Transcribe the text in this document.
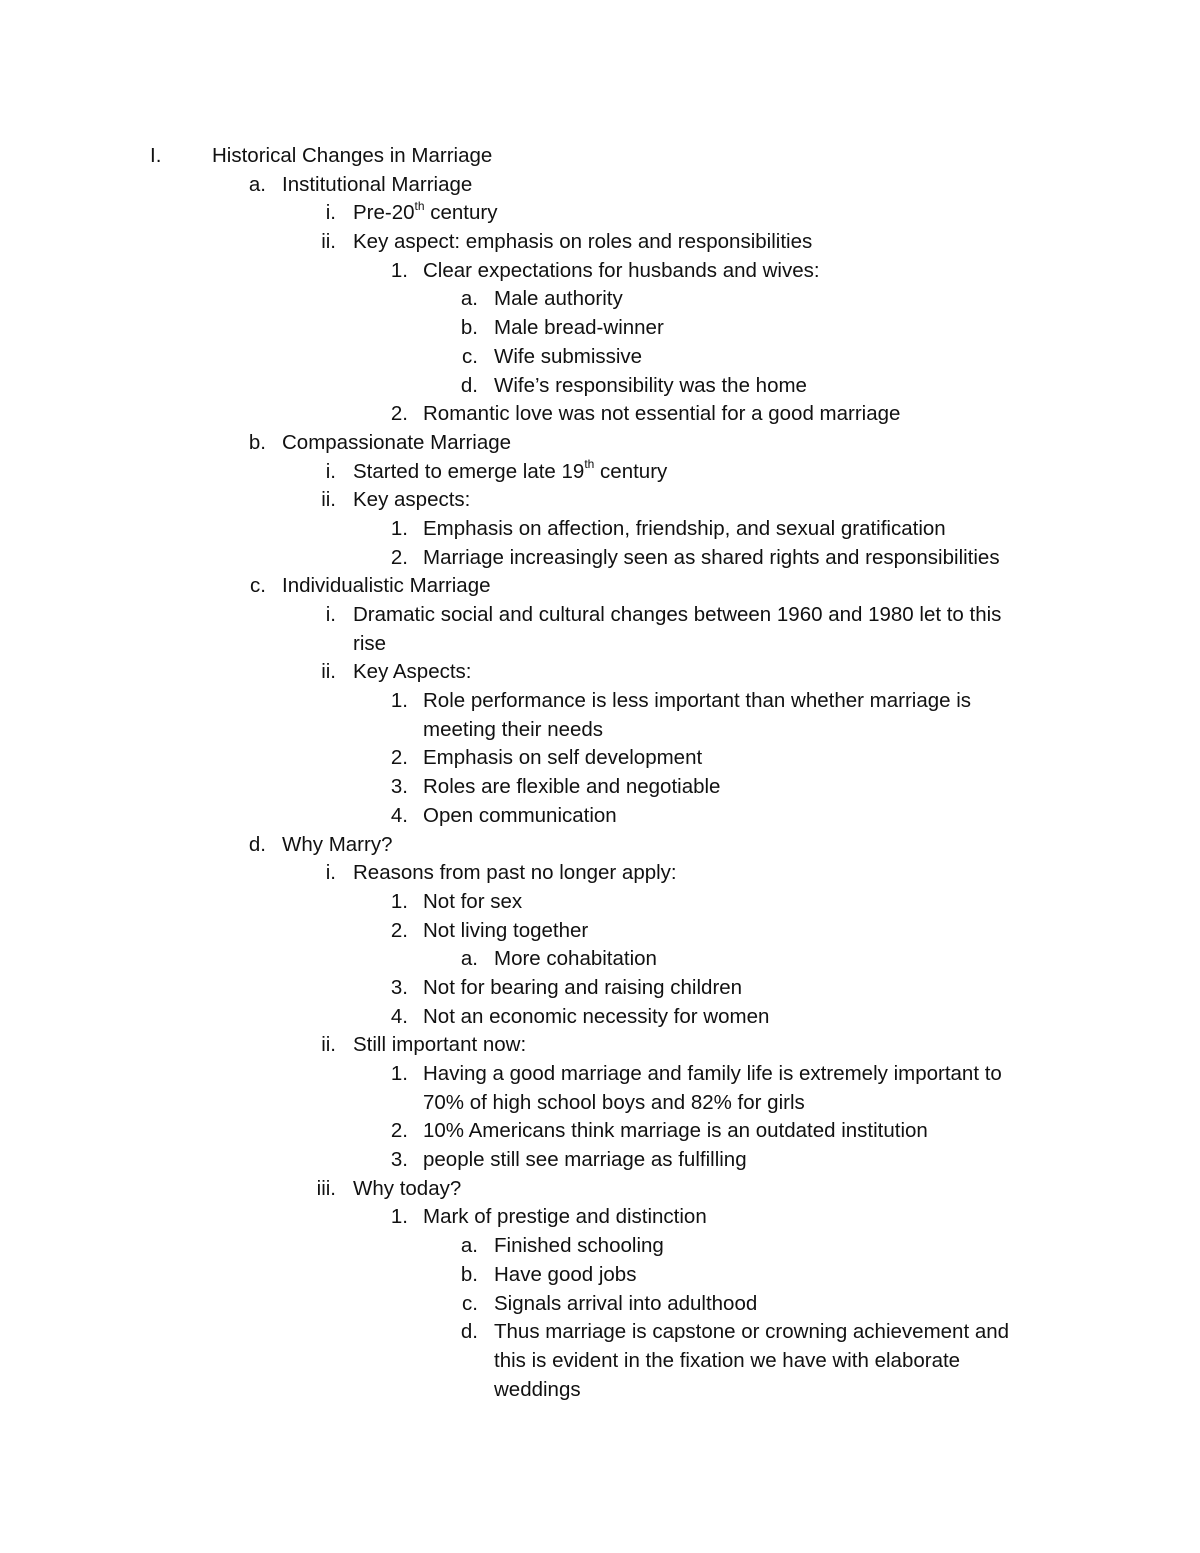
I.	Historical Changes in Marriage
a. Institutional Marriage
i. Pre-20th century
ii. Key aspect: emphasis on roles and responsibilities
1. Clear expectations for husbands and wives:
a. Male authority
b. Male bread-winner
c. Wife submissive
d. Wife’s responsibility was the home
2. Romantic love was not essential for a good marriage
b. Compassionate Marriage
i. Started to emerge late 19th century
ii. Key aspects:
1. Emphasis on affection, friendship, and sexual gratification
2. Marriage increasingly seen as shared rights and responsibilities
c. Individualistic Marriage
i. Dramatic social and cultural changes between 1960 and 1980 let to this
rise
ii. Key Aspects:
1. Role performance is less important than whether marriage is
meeting their needs
2. Emphasis on self development
3. Roles are flexible and negotiable
4. Open communication
d. Why Marry?
i. Reasons from past no longer apply:
1. Not for sex
2. Not living together
a. More cohabitation
3. Not for bearing and raising children
4. Not an economic necessity for women
ii. Still important now:
1. Having a good marriage and family life is extremely important to
70% of high school boys and 82% for girls
2. 10% Americans think marriage is an outdated institution
3. people still see marriage as fulfilling
iii. Why today?
1. Mark of prestige and distinction
a. Finished schooling
b. Have good jobs
c. Signals arrival into adulthood
d. Thus marriage is capstone or crowning achievement and
this is evident in the fixation we have with elaborate
weddings
